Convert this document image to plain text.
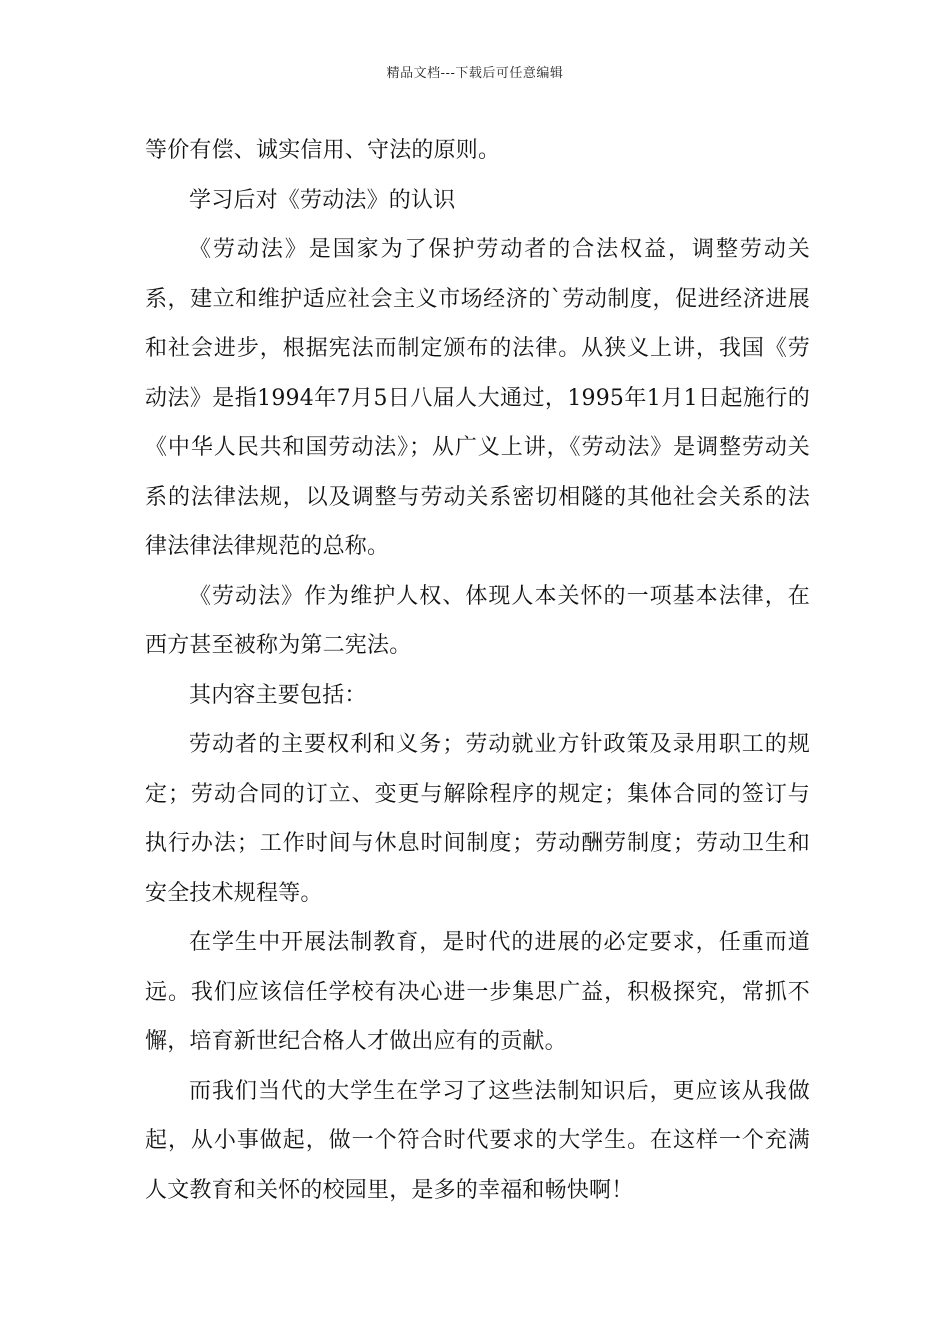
精品文档---下载后可任意编辑

等价有偿、诚实信用、守法的原则。

学习后对《劳动法》的认识

《劳动法》是国家为了保护劳动者的合法权益，调整劳动关系，建立和维护适应社会主义市场经济的`劳动制度，促进经济进展和社会进步，根据宪法而制定颁布的法律。从狭义上讲，我国《劳动法》是指1994年7月5日八届人大通过，1995年1月1日起施行的《中华人民共和国劳动法》；从广义上讲，《劳动法》是调整劳动关系的法律法规，以及调整与劳动关系密切相隧的其他社会关系的法律法律法律规范的总称。

《劳动法》作为维护人权、体现人本关怀的一项基本法律，在西方甚至被称为第二宪法。

其内容主要包括：

劳动者的主要权利和义务；劳动就业方针政策及录用职工的规定；劳动合同的订立、变更与解除程序的规定；集体合同的签订与执行办法；工作时间与休息时间制度；劳动酬劳制度；劳动卫生和安全技术规程等。

在学生中开展法制教育，是时代的进展的必定要求，任重而道远。我们应该信任学校有决心进一步集思广益，积极探究，常抓不懈，培育新世纪合格人才做出应有的贡献。

而我们当代的大学生在学习了这些法制知识后，更应该从我做起，从小事做起，做一个符合时代要求的大学生。在这样一个充满人文教育和关怀的校园里，是多的幸福和畅快啊！
